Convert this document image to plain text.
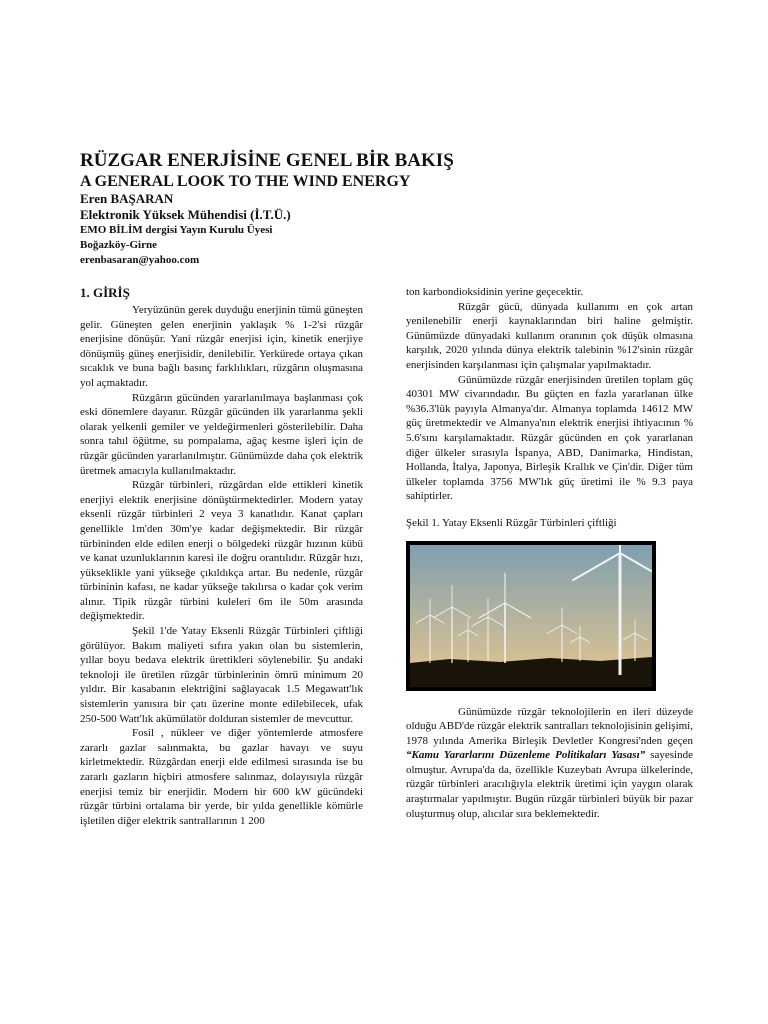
RÜZGAR ENERJİSİNE GENEL BİR BAKIŞ
A GENERAL LOOK TO THE WIND ENERGY
Eren BAŞARAN
Elektronik Yüksek Mühendisi (İ.T.Ü.)
EMO BİLİM dergisi Yayın Kurulu Üyesi
Boğazköy-Girne
erenbasaran@yahoo.com
1. GİRİŞ

Yeryüzünün gerek duyduğu enerjinin tümü güneşten gelir. Güneşten gelen enerjinin yaklaşık % 1-2'si rüzgâr enerjisine dönüşür. Yani rüzgâr enerjisi için, kinetik enerjiye dönüşmüş güneş enerjisidir, denilebilir. Yerkürede ortaya çıkan sıcaklık ve buna bağlı basınç farklılıkları, rüzgârın oluşmasına yol açmaktadır.

Rüzgârın gücünden yararlanılmaya başlanması çok eski dönemlere dayanır. Rüzgâr gücünden ilk yararlanma şekli olarak yelkenli gemiler ve yeldeğirmenleri gösterilebilir. Daha sonra tahıl öğütme, su pompalama, ağaç kesme işleri için de rüzgâr gücünden yararlanılmıştır. Günümüzde daha çok elektrik üretmek amacıyla kullanılmaktadır.

Rüzgâr türbinleri, rüzgârdan elde ettikleri kinetik enerjiyi elektik enerjisine dönüştürmektedirler. Modern yatay eksenli rüzgâr türbinleri 2 veya 3 kanatlıdır. Kanat çapları genellikle 1m'den 30m'ye kadar değişmektedir. Bir rüzgâr türbininden elde edilen enerji o bölgedeki rüzgâr hızının kübü ve kanat uzunluklarının karesi ile doğru orantılıdır. Rüzgâr hızı, yükseklikle yani yükseğe çıkıldıkça artar. Bu nedenle, rüzgâr türbininin kafası, ne kadar yükseğe takılırsa o kadar çok verim alınır. Tipik rüzgâr türbini kuleleri 6m ile 50m arasında değişmektedir.

Şekil 1'de Yatay Eksenli Rüzgâr Türbinleri çiftliği görülüyor. Bakım maliyeti sıfıra yakın olan bu sistemlerin, yıllar boyu bedava elektrik ürettikleri söylenebilir. Şu andaki teknoloji ile üretilen rüzgâr türbinlerinin ömrü minimum 20 yıldır. Bir kasabanın elektriğini sağlayacak 1.5 Megawatt'lık sistemlerin yanısıra bir çatı üzerine monte edilebilecek, ufak 250-500 Watt'lık akümülatör dolduran sistemler de mevcuttur.

Fosil , nükleer ve diğer yöntemlerde atmosfere zararlı gazlar salınmakta, bu gazlar havayı ve suyu kirletmektedir. Rüzgârdan enerji elde edilmesi sırasında ise bu zararlı gazların hiçbiri atmosfere salınmaz, dolayısıyla rüzgâr enerjisi temiz bir enerjidir. Modern bir 600 kW gücündeki rüzgâr türbini ortalama bir yerde, bir yılda genellikle kömürle işletilen diğer elektrik santrallarının 1 200

ton karbondioksidinin yerine geçecektir.

Rüzgâr gücü, dünyada kullanımı en çok artan yenilenebilir enerji kaynaklarından biri haline gelmiştir. Günümüzde dünyadaki kullanım oranının çok düşük olmasına karşılık, 2020 yılında dünya elektrik talebinin %12'sinin rüzgâr enerjisinden karşılanması için çalışmalar yapılmaktadır.

Günümüzde rüzgâr enerjisinden üretilen toplam güç 40301 MW civarındadır. Bu güçten en fazla yararlanan ülke %36.3'lük payıyla Almanya'dır. Almanya toplamda 14612 MW güç üretmektedir ve Almanya'nın elektrik enerjisi ihtiyacının % 5.6'sını karşılamaktadır. Rüzgâr gücünden en çok yararlanan diğer ülkeler sırasıyla İspanya, ABD, Danimarka, Hindistan, Hollanda, İtalya, Japonya, Birleşik Krallık ve Çin'dir. Diğer tüm ülkeler toplamda 3756 MW'lık güç üretimi ile % 9.3 paya sahiptirler.

Şekil 1. Yatay Eksenli Rüzgâr Türbinleri çiftliği

Günümüzde rüzgâr teknolojilerin en ileri düzeyde olduğu ABD'de rüzgâr elektrik santralları teknolojisinin gelişimi, 1978 yılında Amerika Birleşik Devletler Kongresi'nden geçen “Kamu Yararlarını Düzenleme Politikaları Yasası” sayesinde olmuştur. Avrupa'da da, özellikle Kuzeybatı Avrupa ülkelerinde, rüzgâr türbinleri aracılığıyla elektrik üretimi için yaygın olarak araştırmalar yapılmıştır. Bugün rüzgâr türbinleri büyük bir pazar oluşturmuş olup, alıcılar sıra beklemektedir.
